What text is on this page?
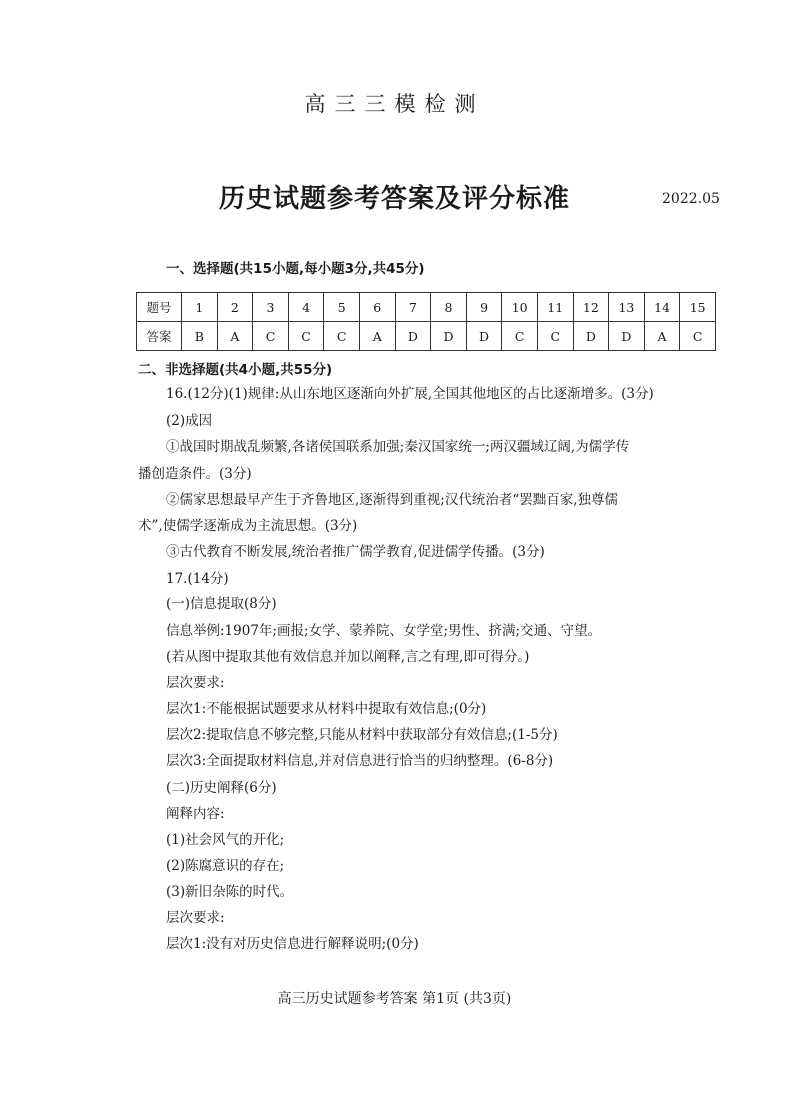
高三三模检测
历史试题参考答案及评分标准	2022.05
一、选择题(共15小题,每小题3分,共45分)
题号	1	2	3	4	5	6	7	8	9	10	11	12	13	14	15
答案	B	A	C	C	C	A	D	D	D	C	C	D	D	A	C
二、非选择题(共4小题,共55分)
16.(12分)(1)规律:从山东地区逐渐向外扩展,全国其他地区的占比逐渐增多。(3分)
(2)成因
①战国时期战乱频繁,各诸侯国联系加强;秦汉国家统一;两汉疆域辽阔,为儒学传
播创造条件。(3分)
②儒家思想最早产生于齐鲁地区,逐渐得到重视;汉代统治者“罢黜百家,独尊儒
术”,使儒学逐渐成为主流思想。(3分)
③古代教育不断发展,统治者推广儒学教育,促进儒学传播。(3分)
17.(14分)
(一)信息提取(8分)
信息举例:1907年;画报;女学、蒙养院、女学堂;男性、挤满;交通、守望。
(若从图中提取其他有效信息并加以阐释,言之有理,即可得分。)
层次要求:
层次1:不能根据试题要求从材料中提取有效信息;(0分)
层次2:提取信息不够完整,只能从材料中获取部分有效信息;(1-5分)
层次3:全面提取材料信息,并对信息进行恰当的归纳整理。(6-8分)
(二)历史阐释(6分)
阐释内容:
(1)社会风气的开化;
(2)陈腐意识的存在;
(3)新旧杂陈的时代。
层次要求:
层次1:没有对历史信息进行解释说明;(0分)
高三历史试题参考答案 第1页 (共3页)
